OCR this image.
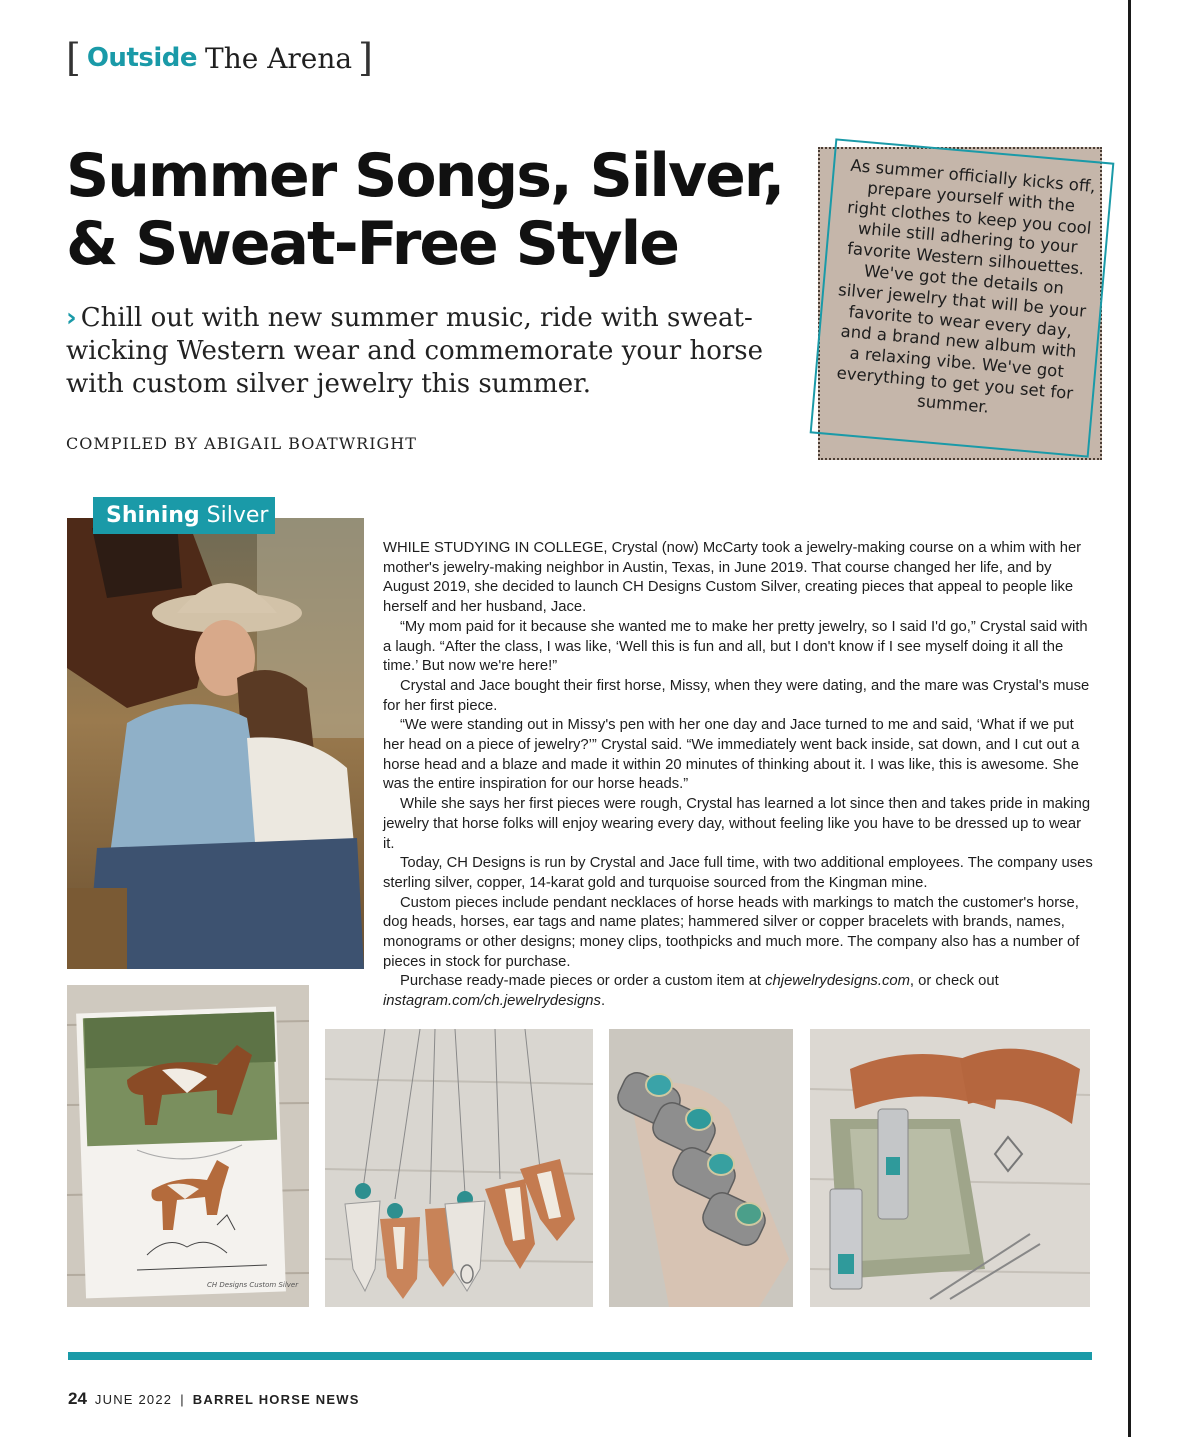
[ Outside The Arena ]
Summer Songs, Silver,
& Sweat-Free Style
› Chill out with new summer music, ride with sweat-wicking Western wear and commemorate your horse with custom silver jewelry this summer.
COMPILED BY ABIGAIL BOATWRIGHT
As summer officially kicks off, prepare yourself with the right clothes to keep you cool while still adhering to your favorite Western silhouettes. We've got the details on silver jewelry that will be your favorite to wear every day, and a brand new album with a relaxing vibe. We've got everything to get you set for summer.
Shining Silver

WHILE STUDYING IN COLLEGE, Crystal (now) McCarty took a jewelry-making course on a whim with her mother's jewelry-making neighbor in Austin, Texas, in June 2019. That course changed her life, and by August 2019, she decided to launch CH Designs Custom Silver, creating pieces that appeal to people like herself and her husband, Jace.

“My mom paid for it because she wanted me to make her pretty jewelry, so I said I'd go,” Crystal said with a laugh. “After the class, I was like, ‘Well this is fun and all, but I don't know if I see myself doing it all the time.’ But now we're here!”

Crystal and Jace bought their first horse, Missy, when they were dating, and the mare was Crystal's muse for her first piece.

“We were standing out in Missy's pen with her one day and Jace turned to me and said, ‘What if we put her head on a piece of jewelry?’” Crystal said. “We immediately went back inside, sat down, and I cut out a horse head and a blaze and made it within 20 minutes of thinking about it. I was like, this is awesome. She was the entire inspiration for our horse heads.”

While she says her first pieces were rough, Crystal has learned a lot since then and takes pride in making jewelry that horse folks will enjoy wearing every day, without feeling like you have to be dressed up to wear it.

Today, CH Designs is run by Crystal and Jace full time, with two additional employees. The company uses sterling silver, copper, 14-karat gold and turquoise sourced from the Kingman mine.

Custom pieces include pendant necklaces of horse heads with markings to match the customer's horse, dog heads, horses, ear tags and name plates; hammered silver or copper bracelets with brands, names, monograms or other designs; money clips, toothpicks and much more. The company also has a number of pieces in stock for purchase.

Purchase ready-made pieces or order a custom item at chjewelrydesigns.com, or check out instagram.com/ch.jewelrydesigns.

CH Designs Custom Silver
24 JUNE 2022 | BARREL HORSE NEWS
